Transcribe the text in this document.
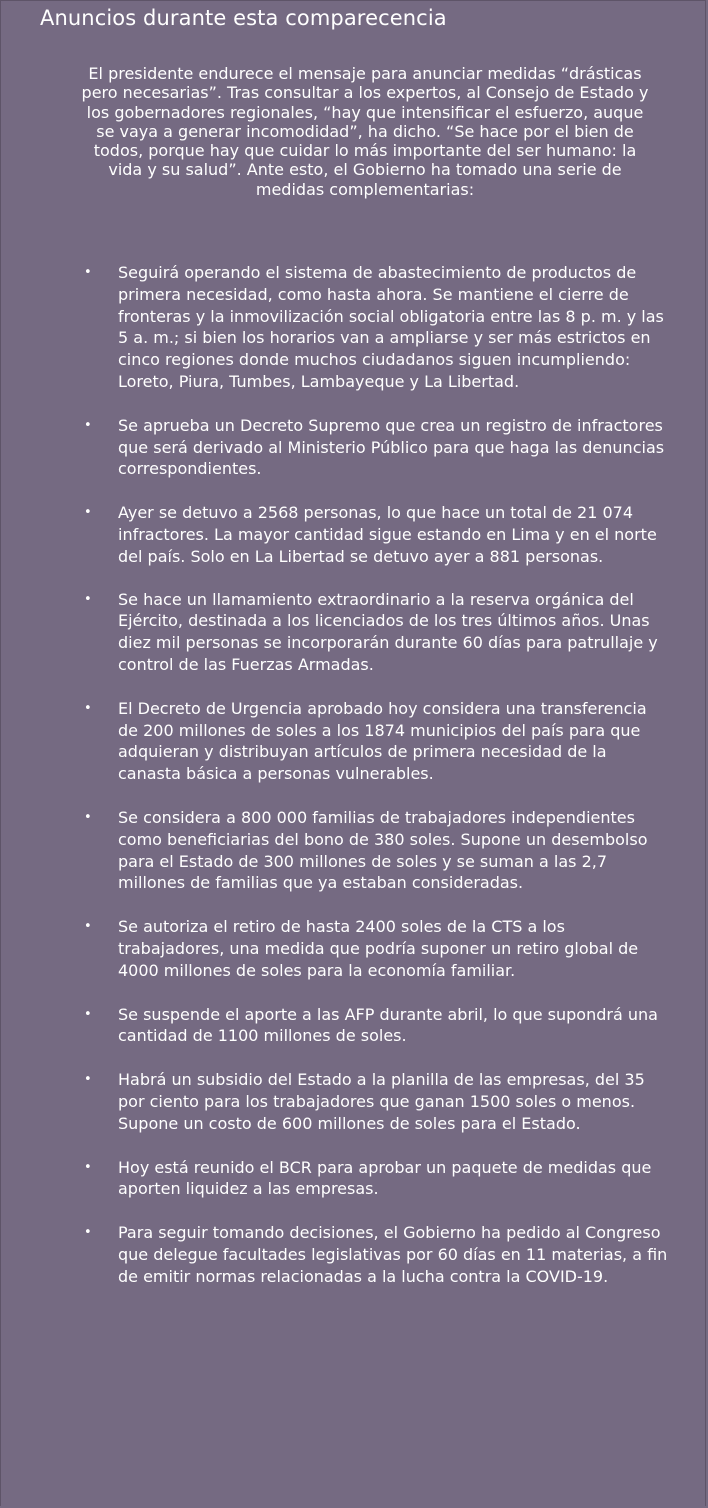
Anuncios durante esta comparecencia

El presidente endurece el mensaje para anunciar medidas “drásticas pero necesarias”. Tras consultar a los expertos, al Consejo de Estado y los gobernadores regionales, “hay que intensificar el esfuerzo, auque se vaya a generar incomodidad”, ha dicho. “Se hace por el bien de todos, porque hay que cuidar lo más importante del ser humano: la vida y su salud”. Ante esto, el Gobierno ha tomado una serie de medidas complementarias:

• Seguirá operando el sistema de abastecimiento de productos de primera necesidad, como hasta ahora. Se mantiene el cierre de fronteras y la inmovilización social obligatoria entre las 8 p. m. y las 5 a. m.; si bien los horarios van a ampliarse y ser más estrictos en cinco regiones donde muchos ciudadanos siguen incumpliendo: Loreto, Piura, Tumbes, Lambayeque y La Libertad.
• Se aprueba un Decreto Supremo que crea un registro de infractores que será derivado al Ministerio Público para que haga las denuncias correspondientes.
• Ayer se detuvo a 2568 personas, lo que hace un total de 21 074 infractores. La mayor cantidad sigue estando en Lima y en el norte del país. Solo en La Libertad se detuvo ayer a 881 personas.
• Se hace un llamamiento extraordinario a la reserva orgánica del Ejército, destinada a los licenciados de los tres últimos años. Unas diez mil personas se incorporarán durante 60 días para patrullaje y control de las Fuerzas Armadas.
• El Decreto de Urgencia aprobado hoy considera una transferencia de 200 millones de soles a los 1874 municipios del país para que adquieran y distribuyan artículos de primera necesidad de la canasta básica a personas vulnerables.
• Se considera a 800 000 familias de trabajadores independientes como beneficiarias del bono de 380 soles. Supone un desembolso para el Estado de 300 millones de soles y se suman a las 2,7 millones de familias que ya estaban consideradas.
• Se autoriza el retiro de hasta 2400 soles de la CTS a los trabajadores, una medida que podría suponer un retiro global de 4000 millones de soles para la economía familiar.
• Se suspende el aporte a las AFP durante abril, lo que supondrá una cantidad de 1100 millones de soles.
• Habrá un subsidio del Estado a la planilla de las empresas, del 35 por ciento para los trabajadores que ganan 1500 soles o menos. Supone un costo de 600 millones de soles para el Estado.
• Hoy está reunido el BCR para aprobar un paquete de medidas que aporten liquidez a las empresas.
• Para seguir tomando decisiones, el Gobierno ha pedido al Congreso que delegue facultades legislativas por 60 días en 11 materias, a fin de emitir normas relacionadas a la lucha contra la COVID-19.
